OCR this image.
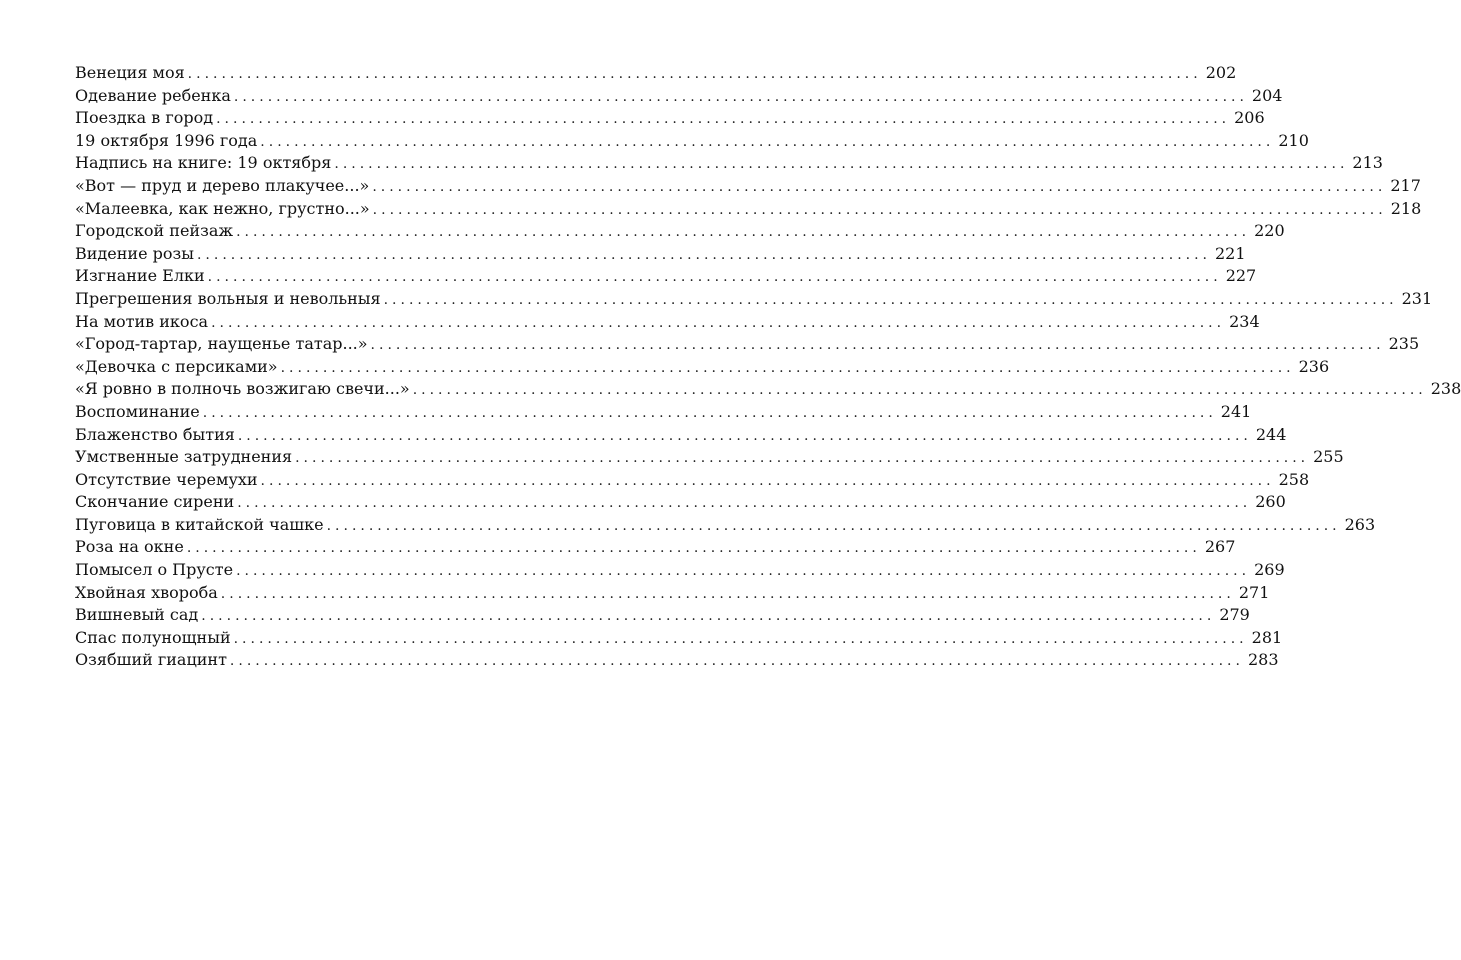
Венеция моя ........................................................................................................................ 202
Одевание ребенка ........................................................................................................................ 204
Поездка в город ........................................................................................................................ 206
19 октября 1996 года ........................................................................................................................ 210
Надпись на книге: 19 октября ........................................................................................................................ 213
«Вот — пруд и дерево плакучее...» ........................................................................................................................ 217
«Малеевка, как нежно, грустно...» ........................................................................................................................ 218
Городской пейзаж ........................................................................................................................ 220
Видение розы ........................................................................................................................ 221
Изгнание Елки ........................................................................................................................ 227
Прегрешения вольныя и невольныя ........................................................................................................................ 231
На мотив икоса ........................................................................................................................ 234
«Город-тартар, наущенье татар...» ........................................................................................................................ 235
«Девочка с персиками» ........................................................................................................................ 236
«Я ровно в полночь возжигаю свечи...» ........................................................................................................................ 238
Воспоминание ........................................................................................................................ 241
Блаженство бытия ........................................................................................................................ 244
Умственные затруднения ........................................................................................................................ 255
Отсутствие черемухи ........................................................................................................................ 258
Скончание сирени ........................................................................................................................ 260
Пуговица в китайской чашке ........................................................................................................................ 263
Роза на окне ........................................................................................................................ 267
Помысел о Прусте ........................................................................................................................ 269
Хвойная хвороба ........................................................................................................................ 271
Вишневый сад ........................................................................................................................ 279
Спас полунощный ........................................................................................................................ 281
Озябший гиацинт ........................................................................................................................ 283
